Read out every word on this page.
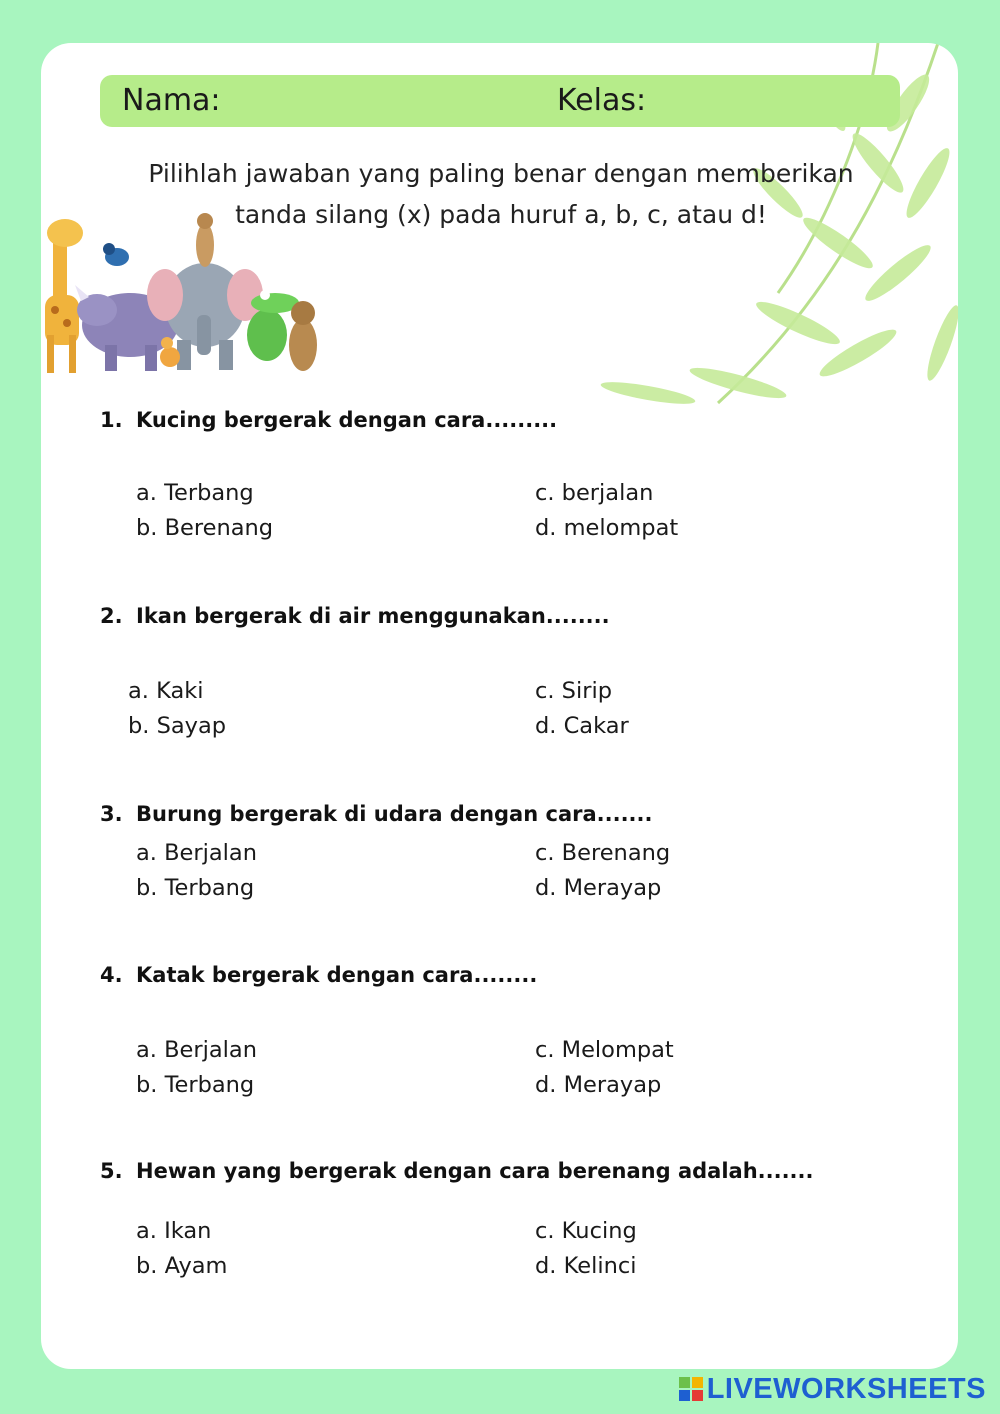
Nama:	Kelas:
Pilihlah jawaban yang paling benar dengan memberikan
tanda silang (x) pada huruf a, b, c, atau d!
1. Kucing bergerak dengan cara.........
a. Terbang
b. Berenang
c. berjalan
d. melompat
2. Ikan bergerak di air menggunakan........
a. Kaki
b. Sayap
c. Sirip
d. Cakar
3. Burung bergerak di udara dengan cara.......
a. Berjalan
b. Terbang
c. Berenang
d. Merayap
4. Katak bergerak dengan cara........
a. Berjalan
b. Terbang
c. Melompat
d. Merayap
5. Hewan yang bergerak dengan cara berenang adalah.......
a. Ikan
b. Ayam
c. Kucing
d. Kelinci
LIVEWORKSHEETS
